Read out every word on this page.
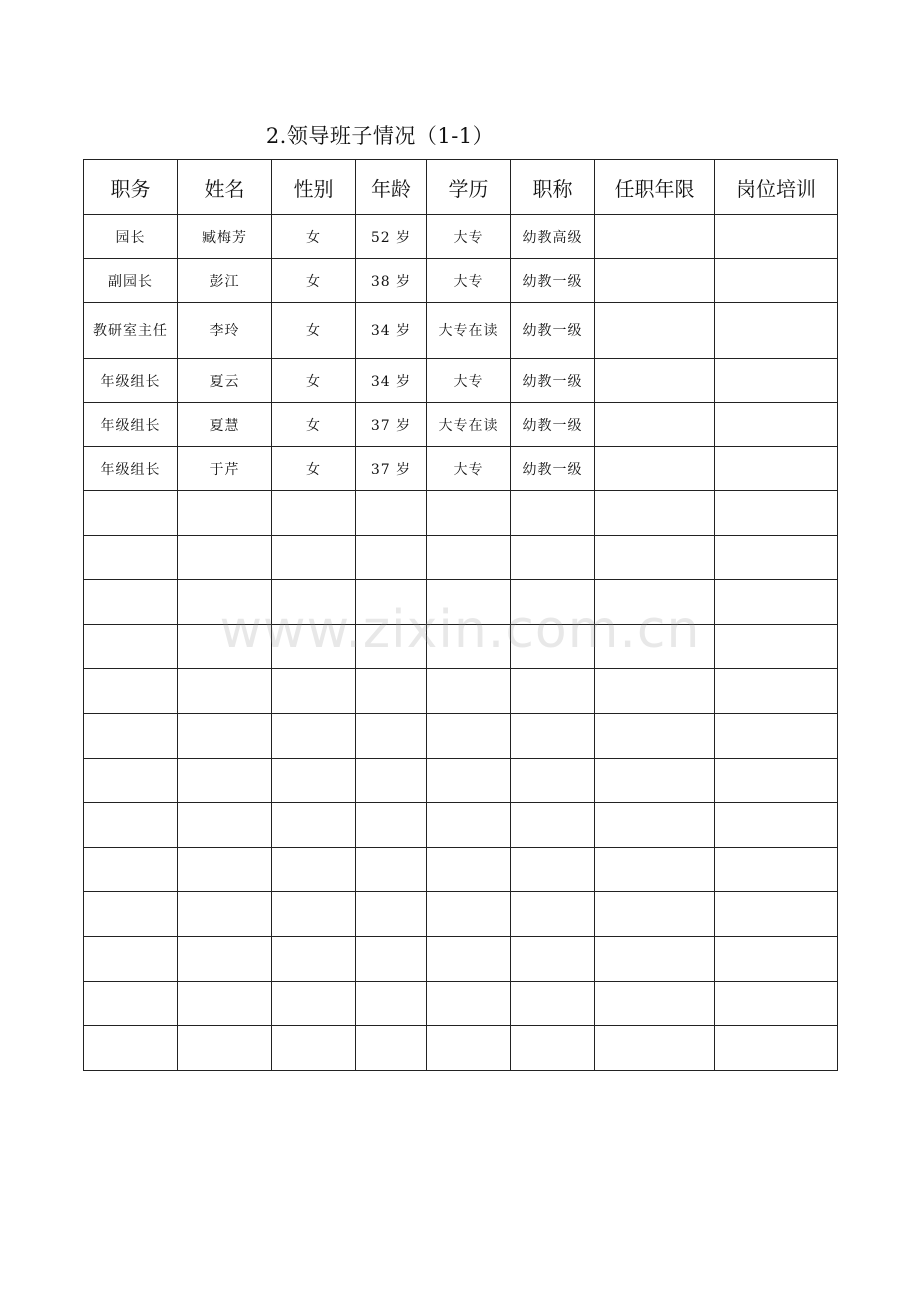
2.领导班子情况（1-1）
职务	姓名	性别	年龄	学历	职称	任职年限	岗位培训
园长	臧梅芳	女	52 岁	大专	幼教高级		
副园长	彭江	女	38 岁	大专	幼教一级		
教研室主任	李玲	女	34 岁	大专在读	幼教一级		
年级组长	夏云	女	34 岁	大专	幼教一级		
年级组长	夏慧	女	37 岁	大专在读	幼教一级		
年级组长	于芹	女	37 岁	大专	幼教一级		

www.zixin.com.cn
